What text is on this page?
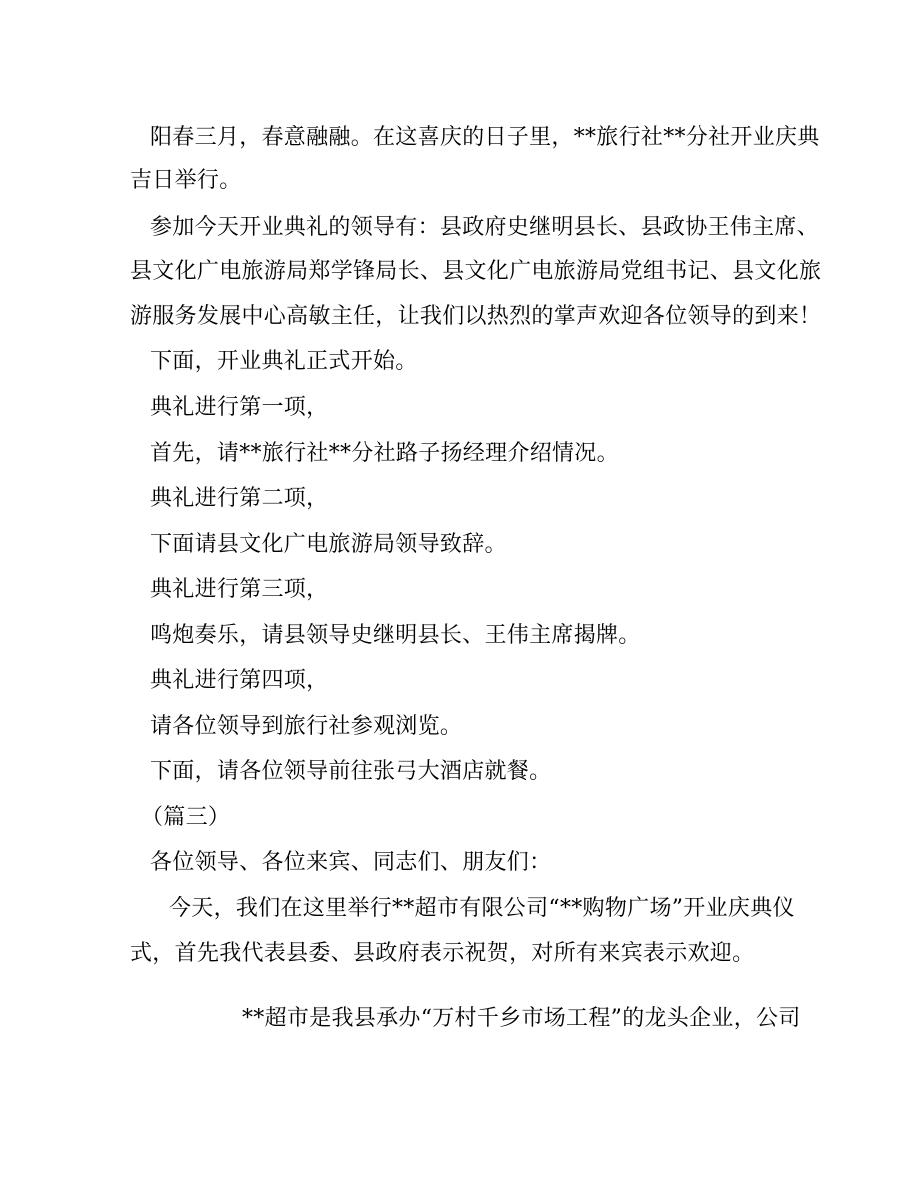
阳春三月，春意融融。在这喜庆的日子里，**旅行社**分社开业庆典

吉日举行。

参加今天开业典礼的领导有：县政府史继明县长、县政协王伟主席、

县文化广电旅游局郑学锋局长、县文化广电旅游局党组书记、县文化旅

游服务发展中心高敏主任，让我们以热烈的掌声欢迎各位领导的到来！

下面，开业典礼正式开始。

典礼进行第一项，

首先，请**旅行社**分社路子扬经理介绍情况。

典礼进行第二项，

下面请县文化广电旅游局领导致辞。

典礼进行第三项，

鸣炮奏乐，请县领导史继明县长、王伟主席揭牌。

典礼进行第四项，

请各位领导到旅行社参观浏览。

下面，请各位领导前往张弓大酒店就餐。

（篇三）

各位领导、各位来宾、同志们、朋友们：

今天，我们在这里举行**超市有限公司“**购物广场”开业庆典仪

式，首先我代表县委、县政府表示祝贺，对所有来宾表示欢迎。

**超市是我县承办“万村千乡市场工程”的龙头企业，公司
